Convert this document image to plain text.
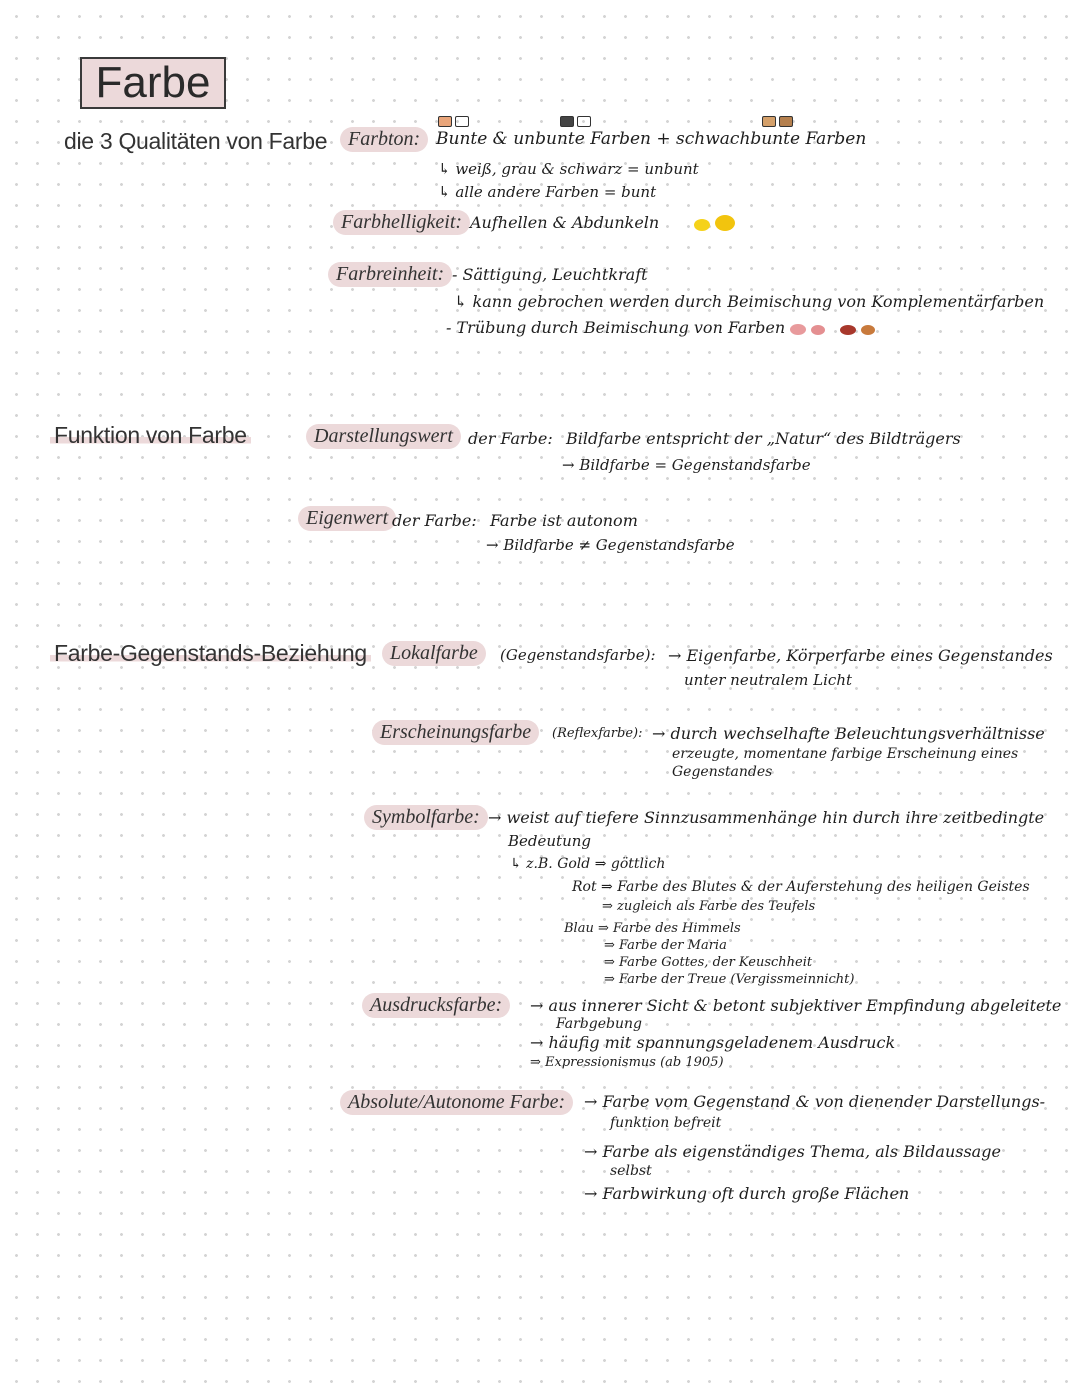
Farbe
die 3 Qualitäten von Farbe	Farbton: Bunte & unbunte Farben + schwachbunte Farben
↳ weiß, grau & schwarz = unbunt
↳ alle andere Farben = bunt
Farbhelligkeit: Aufhellen & Abdunkeln

Farbreinheit: - Sättigung, Leuchtkraft
↳ kann gebrochen werden durch Beimischung von Komplementärfarben
- Trübung durch Beimischung von Farben

Funktion von Farbe	Darstellungswert der Farbe: Bildfarbe entspricht der „Natur“ des Bildträgers
→ Bildfarbe = Gegenstandsfarbe
Eigenwert der Farbe: Farbe ist autonom
→ Bildfarbe ≠ Gegenstandsfarbe
Farbe-Gegenstands-Beziehung	Lokalfarbe	(Gegenstandsfarbe): → Eigenfarbe, Körperfarbe eines Gegenstandes
unter neutralem Licht
Erscheinungsfarbe	(Reflexfarbe): → durch wechselhafte Beleuchtungsverhältnisse
erzeugte, momentane farbige Erscheinung eines
Gegenstandes
Symbolfarbe: → weist auf tiefere Sinnzusammenhänge hin durch ihre zeitbedingte
Bedeutung
↳ z.B. Gold ⇒ göttlich
Rot ⇒ Farbe des Blutes & der Auferstehung des heiligen Geistes
⇒ zugleich als Farbe des Teufels
Blau ⇒ Farbe des Himmels
⇒ Farbe der Maria
⇒ Farbe Gottes, der Keuschheit
⇒ Farbe der Treue (Vergissmeinnicht)
Ausdrucksfarbe:	→ aus innerer Sicht & betont subjektiver Empfindung abgeleitete
Farbgebung
→ häufig mit spannungsgeladenem Ausdruck
⇒ Expressionismus (ab 1905)
Absolute/Autonome Farbe:	→ Farbe vom Gegenstand & von dienender Darstellungs-
funktion befreit
→ Farbe als eigenständiges Thema, als Bildaussage
selbst
→ Farbwirkung oft durch große Flächen
